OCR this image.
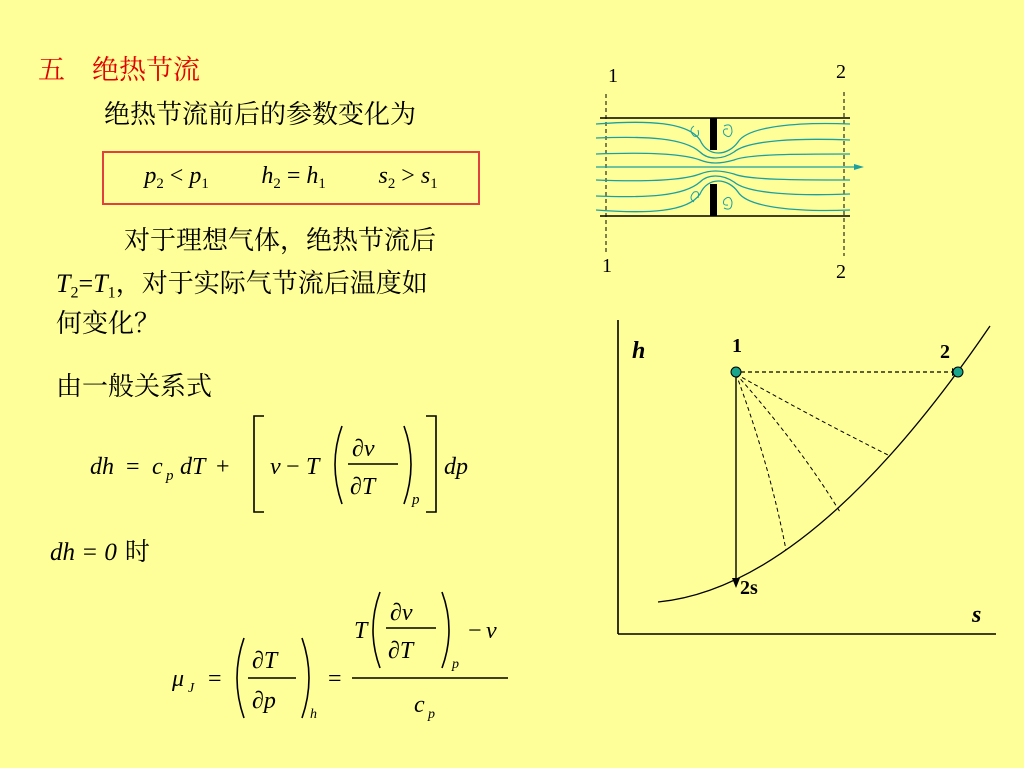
五　绝热节流
绝热节流前后的参数变化为
$p_2 < p_1$ $h_2 = h_1$ $s_2 > s_1$
对于理想气体，绝热节流后
$T_2=T_1$，对于实际气节流后温度如
何变化？
由一般关系式
dh = c p dT + v − T
∂v
∂T p
dp
dh = 0 时
μ J =
∂T
∂p
h
=
T
∂v
∂T
p
− v
c p
1	2
1	2
h
s
1	2
2s
